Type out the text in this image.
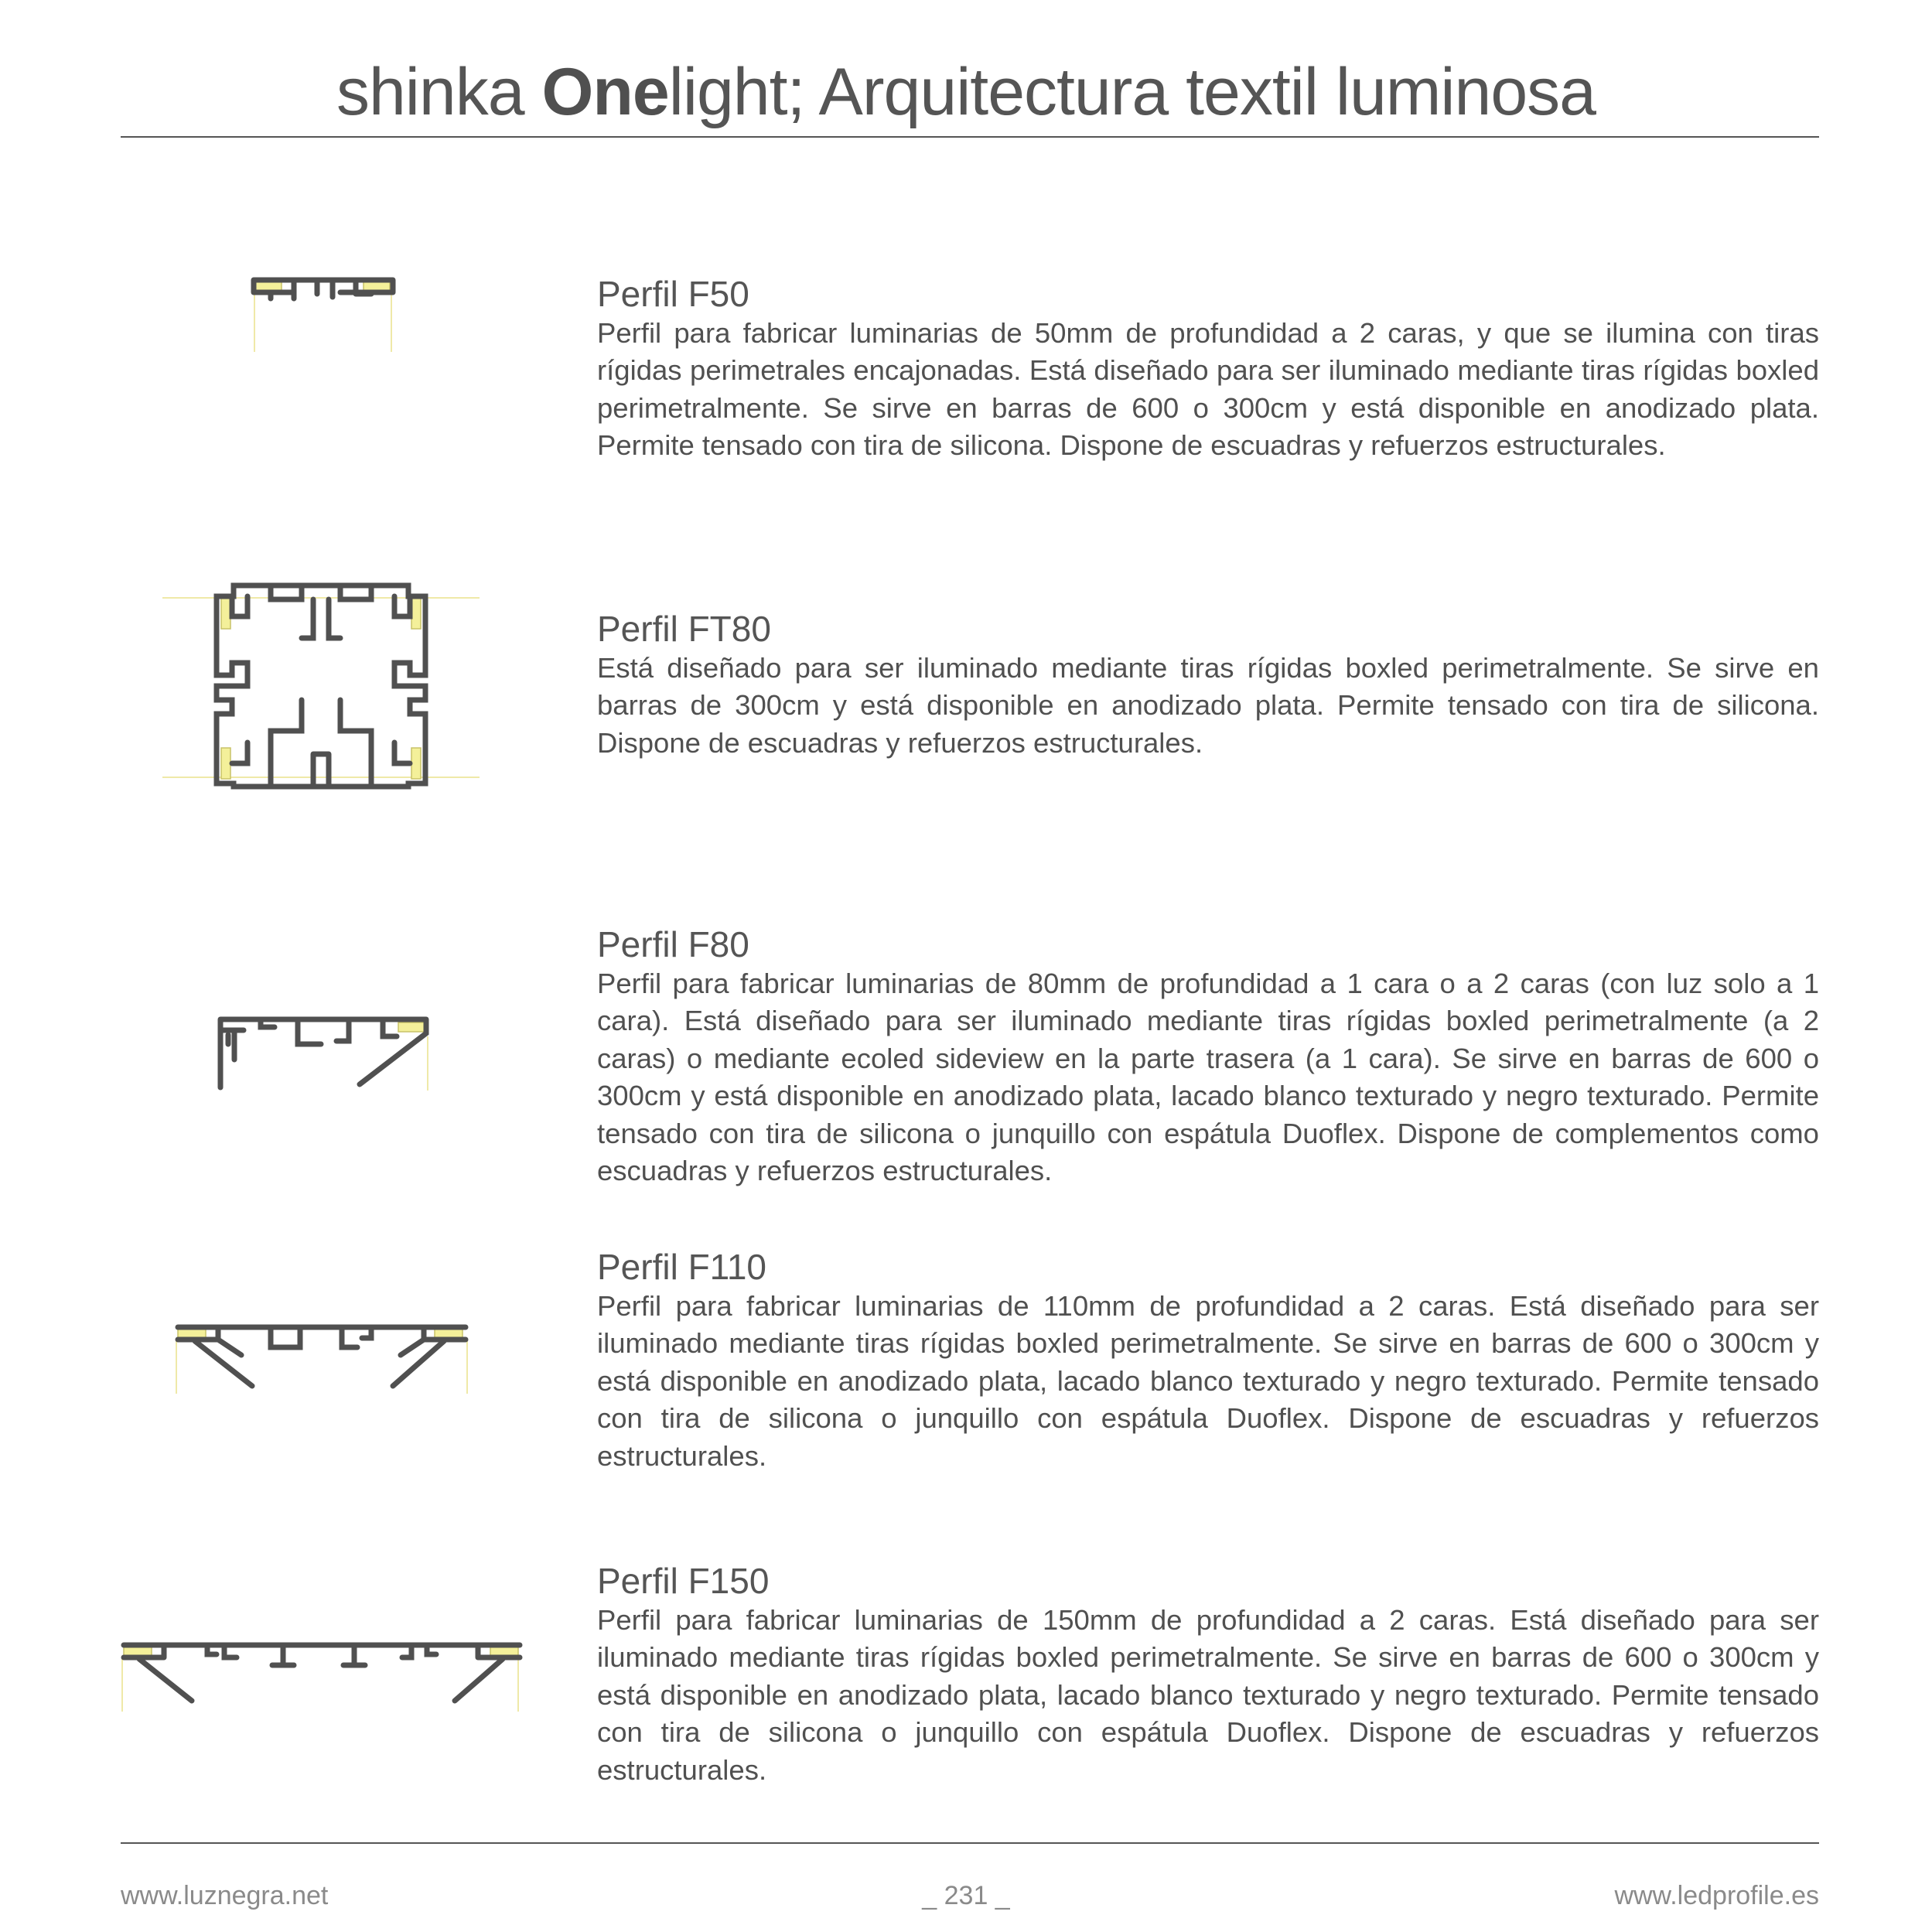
shinka Onelight; Arquitectura textil luminosa
Perfil F50

Perfil para fabricar luminarias de 50mm de profundidad a 2 caras, y que se ilumina con tiras rígidas perimetrales encajonadas. Está diseñado para ser iluminado mediante tiras rígidas boxled perimetralmente. Se sirve en barras de 600 o 300cm y está disponible en anodizado plata. Permite tensado con tira de silicona. Dispone de escuadras y refuerzos estructurales.

Perfil FT80

Está diseñado para ser iluminado mediante tiras rígidas boxled perimetralmente. Se sirve en barras de 300cm y está disponible en anodizado plata. Permite tensado con tira de silicona. Dispone de escuadras y refuerzos estructurales.

Perfil F80

Perfil para fabricar luminarias de 80mm de profundidad a 1 cara o a 2 caras (con luz solo a 1 cara). Está diseñado para ser iluminado mediante tiras rígidas boxled perimetralmente (a 2 caras) o mediante ecoled sideview en la parte trasera (a 1 cara). Se sirve en barras de 600 o 300cm y está disponible en anodizado plata, lacado blanco texturado y negro texturado. Permite tensado con tira de silicona o junquillo con espátula Duoflex. Dispone de complementos como escuadras y refuerzos estructurales.

Perfil F110

Perfil para fabricar luminarias de 110mm de profundidad a 2 caras. Está diseñado para ser iluminado mediante tiras rígidas boxled perimetralmente. Se sirve en barras de 600 o 300cm y está disponible en anodizado plata, lacado blanco texturado y negro texturado. Permite tensado con tira de silicona o junquillo con espátula Duoflex. Dispone de escuadras y refuerzos estructurales.

Perfil F150

Perfil para fabricar luminarias de 150mm de profundidad a 2 caras. Está diseñado para ser iluminado mediante tiras rígidas boxled perimetralmente. Se sirve en barras de 600 o 300cm y está disponible en anodizado plata, lacado blanco texturado y negro texturado. Permite tensado con tira de silicona o junquillo con espátula Duoflex. Dispone de escuadras y refuerzos estructurales.

www.luznegra.net	_ 231 _	www.ledprofile.es
